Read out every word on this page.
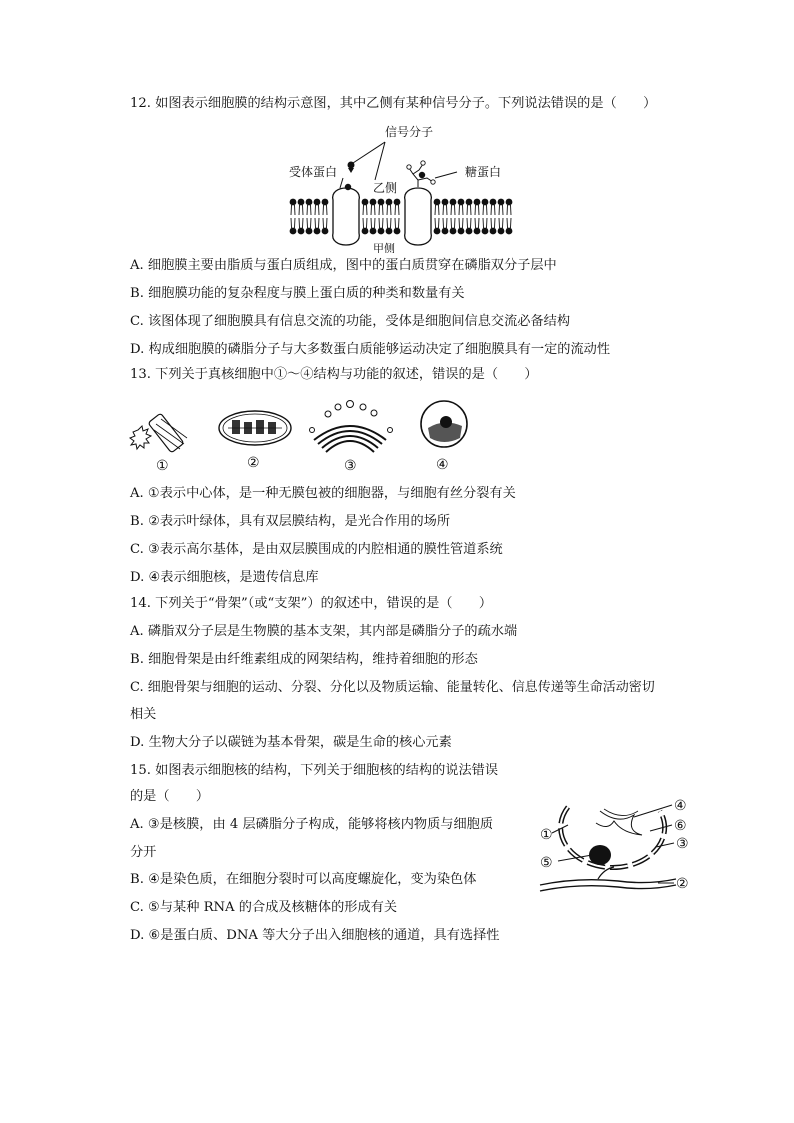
12. 如图表示细胞膜的结构示意图，其中乙侧有某种信号分子。下列说法错误的是（　　）
信号分子
受体蛋白	糖蛋白
乙侧
甲侧
A. 细胞膜主要由脂质与蛋白质组成，图中的蛋白质贯穿在磷脂双分子层中
B. 细胞膜功能的复杂程度与膜上蛋白质的种类和数量有关
C. 该图体现了细胞膜具有信息交流的功能，受体是细胞间信息交流必备结构
D. 构成细胞膜的磷脂分子与大多数蛋白质能够运动决定了细胞膜具有一定的流动性
13. 下列关于真核细胞中①～④结构与功能的叙述，错误的是（　　）
①	②	③	④
A. ①表示中心体，是一种无膜包被的细胞器，与细胞有丝分裂有关
B. ②表示叶绿体，具有双层膜结构，是光合作用的场所
C. ③表示高尔基体，是由双层膜围成的内腔相通的膜性管道系统
D. ④表示细胞核，是遗传信息库
14. 下列关于“骨架”（或“支架”）的叙述中，错误的是（　　）
A. 磷脂双分子层是生物膜的基本支架，其内部是磷脂分子的疏水端
B. 细胞骨架是由纤维素组成的网架结构，维持着细胞的形态
C. 细胞骨架与细胞的运动、分裂、分化以及物质运输、能量转化、信息传递等生命活动密切
相关
D. 生物大分子以碳链为基本骨架，碳是生命的核心元素
15. 如图表示细胞核的结构，下列关于细胞核的结构的说法错误
的是（　　）
A. ③是核膜，由 4 层磷脂分子构成，能够将核内物质与细胞质
分开
B. ④是染色质，在细胞分裂时可以高度螺旋化，变为染色体
C. ⑤与某种 RNA 的合成及核糖体的形成有关
D. ⑥是蛋白质、DNA 等大分子出入细胞核的通道，具有选择性
①
②
③
④
⑤
⑥
